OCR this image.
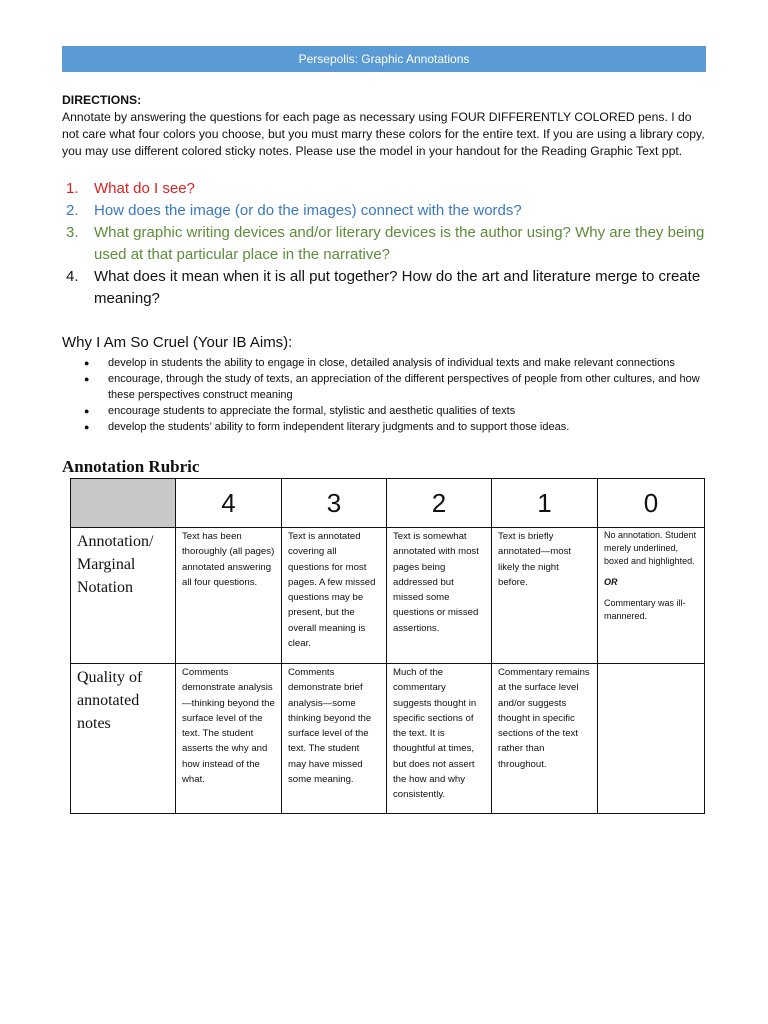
Persepolis: Graphic Annotations
DIRECTIONS:
Annotate by answering the questions for each page as necessary using FOUR DIFFERENTLY COLORED pens. I do not care what four colors you choose, but you must marry these colors for the entire text. If you are using a library copy, you may use different colored sticky notes. Please use the model in your handout for the Reading Graphic Text ppt.
1.	What do I see?
2.	How does the image (or do the images) connect with the words?
3.	What graphic writing devices and/or literary devices is the author using? Why are they being used at that particular place in the narrative?
4.	What does it mean when it is all put together? How do the art and literature merge to create meaning?
Why I Am So Cruel (Your IB Aims):
●	develop in students the ability to engage in close, detailed analysis of individual texts and make relevant connections
●	encourage, through the study of texts, an appreciation of the different perspectives of people from other cultures, and how these perspectives construct meaning
●	encourage students to appreciate the formal, stylistic and aesthetic qualities of texts
●	develop the students’ ability to form independent literary judgments and to support those ideas.
Annotation Rubric
	4	3	2	1	0
Annotation/ Marginal Notation	Text has been thoroughly (all pages) annotated answering all four questions.	Text is annotated covering all questions for most pages. A few missed questions may be present, but the overall meaning is clear.	Text is somewhat annotated with most pages being addressed but missed some questions or missed assertions.	Text is briefly annotated—most likely the night before.	No annotation. Student merely underlined, boxed and highlighted.
OR
Commentary was ill-mannered.
Quality of annotated notes	Comments demonstrate analysis—thinking beyond the surface level of the text. The student asserts the why and how instead of the what.	Comments demonstrate brief analysis—some thinking beyond the surface level of the text. The student may have missed some meaning.	Much of the commentary suggests thought in specific sections of the text. It is thoughtful at times, but does not assert the how and why consistently.	Commentary remains at the surface level and/or suggests thought in specific sections of the text rather than throughout.	
